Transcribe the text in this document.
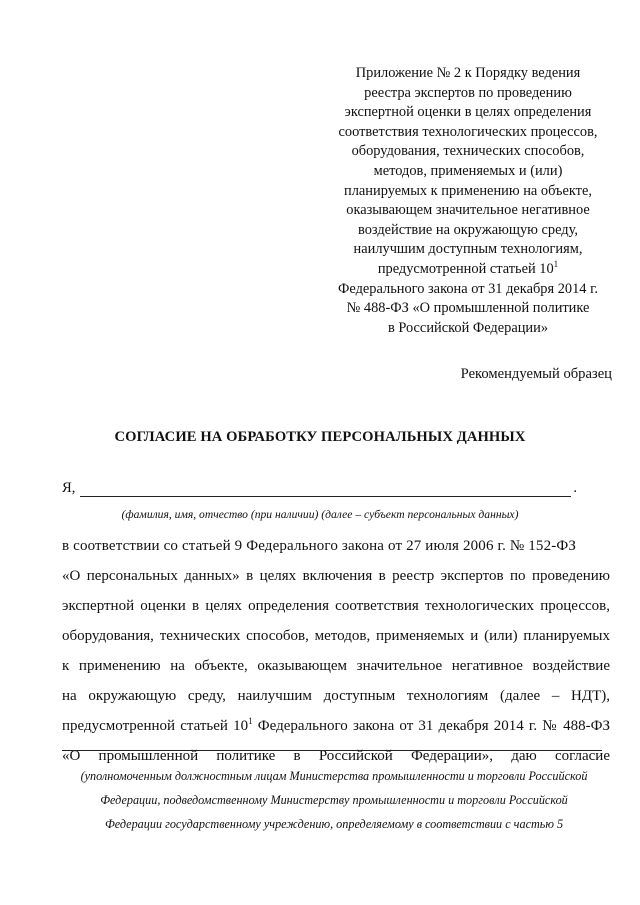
Приложение № 2 к Порядку ведения
реестра экспертов по проведению
экспертной оценки в целях определения
соответствия технологических процессов,
оборудования, технических способов,
методов, применяемых и (или)
планируемых к применению на объекте,
оказывающем значительное негативное
воздействие на окружающую среду,
наилучшим доступным технологиям,
предусмотренной статьей $10^1$
Федерального закона от 31 декабря 2014 г.
№ 488-ФЗ «О промышленной политике
в Российской Федерации»
Рекомендуемый образец
СОГЛАСИЕ НА ОБРАБОТКУ ПЕРСОНАЛЬНЫХ ДАННЫХ
Я,	.
(фамилия, имя, отчество (при наличии) (далее – субъект персональных данных)
в соответствии со статьей 9 Федерального закона от 27 июля 2006 г. № 152-ФЗ
«О персональных данных» в целях включения в реестр экспертов по проведению
экспертной оценки в целях определения соответствия технологических процессов,
оборудования, технических способов, методов, применяемых и (или) планируемых
к применению на объекте, оказывающем значительное негативное воздействие
на окружающую среду, наилучшим доступным технологиям (далее – НДТ),
предусмотренной статьей $10^1$ Федерального закона от 31 декабря 2014 г. № 488-ФЗ
«О промышленной политике в Российской Федерации», даю согласие
(уполномоченным должностным лицам Министерства промышленности и торговли Российской
Федерации, подведомственному Министерству промышленности и торговли Российской
Федерации государственному учреждению, определяемому в соответствии с частью 5
